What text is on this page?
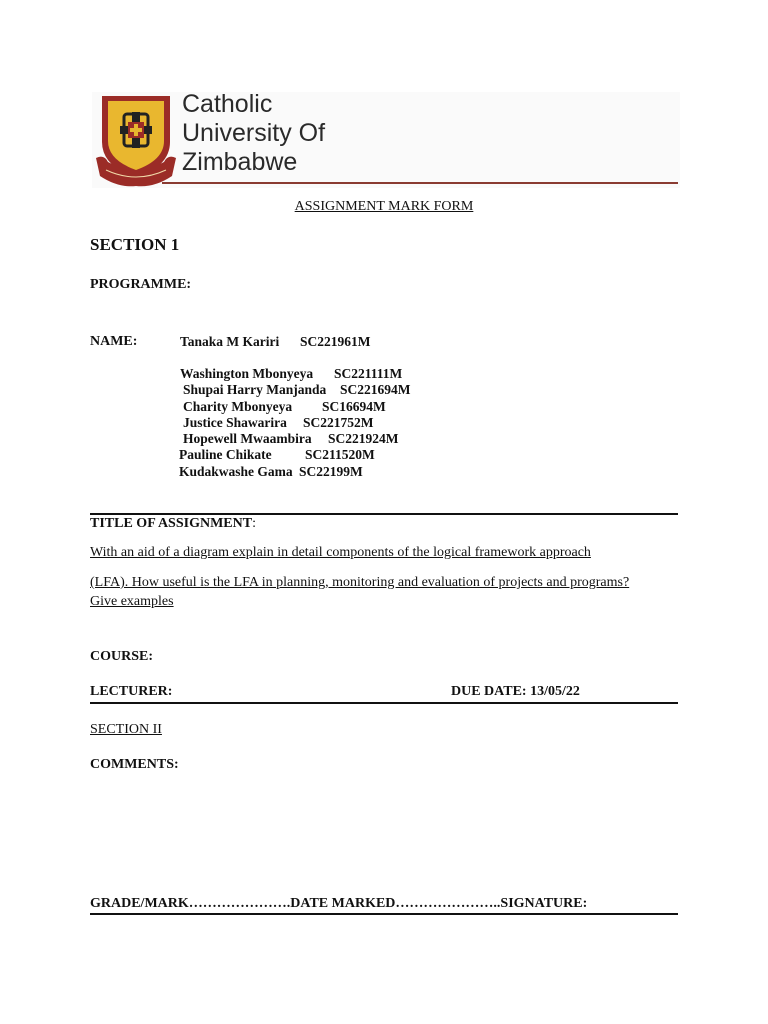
Catholic
University Of
Zimbabwe
ASSIGNMENT MARK FORM
SECTION 1
PROGRAMME:
NAME:	Tanaka M Kariri SC221961M
Washington Mbonyeya SC221111M
Shupai Harry Manjanda SC221694M
Charity Mbonyeya SC16694M
Justice Shawarira SC221752M
Hopewell Mwaambira SC221924M
Pauline Chikate SC211520M
Kudakwashe Gama SC22199M
TITLE OF ASSIGNMENT:
With an aid of a diagram explain in detail components of the logical framework approach
(LFA). How useful is the LFA in planning, monitoring and evaluation of projects and programs?
Give examples
COURSE:
LECTURER:	DUE DATE: 13/05/22
SECTION II
COMMENTS:
GRADE/MARK………………….DATE MARKED…………………..SIGNATURE:
